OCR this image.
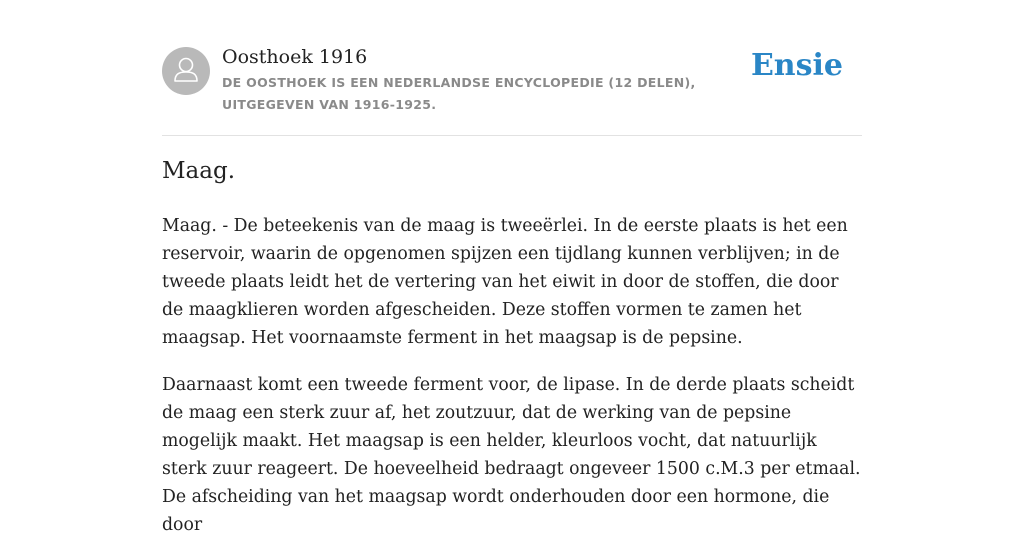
Oosthoek 1916
DE OOSTHOEK IS EEN NEDERLANDSE ENCYCLOPEDIE (12 DELEN), UITGEGEVEN VAN 1916-1925.
Ensie
Maag.

Maag. - De beteekenis van de maag is tweeërlei. In de eerste plaats is het een reservoir, waarin de opgenomen spijzen een tijdlang kunnen verblijven; in de tweede plaats leidt het de vertering van het eiwit in door de stoffen, die door de maagklieren worden afgescheiden. Deze stoffen vormen te zamen het maagsap. Het voornaamste ferment in het maagsap is de pepsine.

Daarnaast komt een tweede ferment voor, de lipase. In de derde plaats scheidt de maag een sterk zuur af, het zoutzuur, dat de werking van de pepsine mogelijk maakt. Het maagsap is een helder, kleurloos vocht, dat natuurlijk sterk zuur reageert. De hoeveelheid bedraagt ongeveer 1500 c.M.3 per etmaal. De afscheiding van het maagsap wordt onderhouden door een hormone, die door
